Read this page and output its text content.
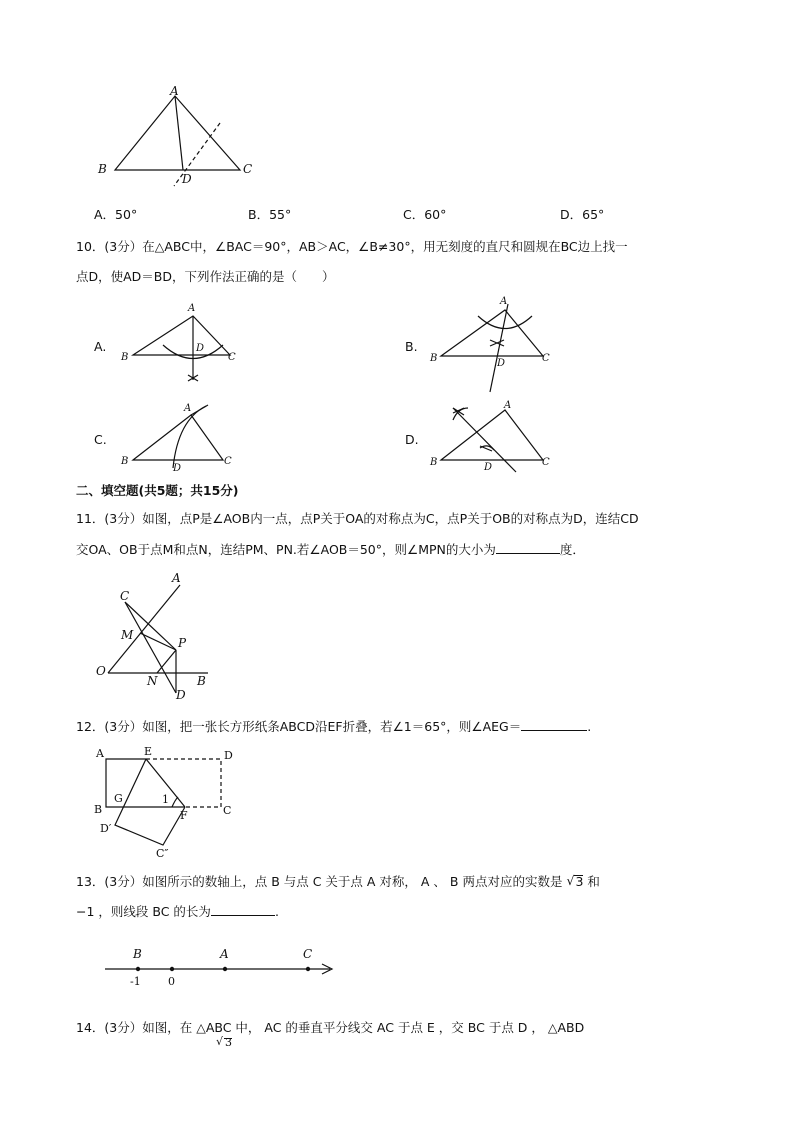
A
B	C
D
A．50°	B．55°	C．60°	D．65°
10．(3分）在△ABC中，∠BAC＝90°，AB＞AC，∠B≠30°，用无刻度的直尺和圆规在BC边上找一
点D，使AD＝BD，下列作法正确的是（　　）
A.
A
B	C
D	B.
A
B	C
D
C.
A
B	C
D
D.
A
B	C
D
二、填空题(共5题；共15分)
11．(3分）如图，点P是∠AOB内一点，点P关于OA的对称点为C，点P关于OB的对称点为D，连结CD
交OA、OB于点M和点N，连结PM、PN.若∠AOB＝50°，则∠MPN的大小为	度．
A
C
M
P
O
N	B
D
12．(3分）如图，把一张长方形纸条ABCD沿EF折叠，若∠1＝65°，则∠AEG＝	.
A	E	D
B
G	1
C
D′
F
C″
13．(3分）如图所示的数轴上，点 B 与点 C 关于点 A 对称， A 、 B 两点对应的实数是 √ 3 和
−1 ，则线段 BC 的长为	.

B	A	C
-1 0
√ 3
14．(3分）如图，在 △ABC 中， AC 的垂直平分线交 AC 于点 E ，交 BC 于点 D ， △ABD
